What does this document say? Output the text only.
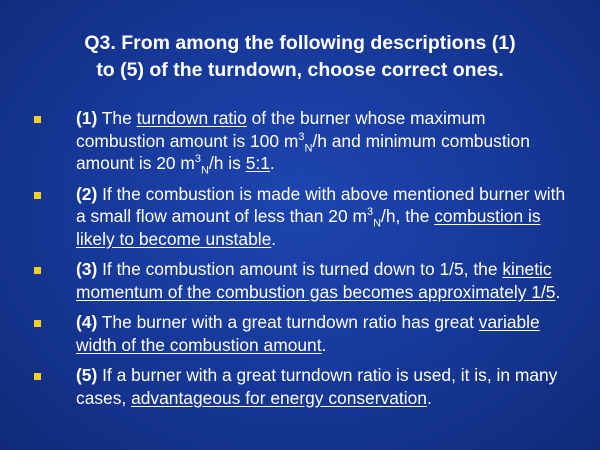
Q3. From among the following descriptions (1)
to (5) of the turndown, choose correct ones.
(1) The turndown ratio of the burner whose maximum combustion amount is 100 $m^3_N/h$ and minimum combustion amount is 20 $m^3_N/h$ is 5:1.
(2) If the combustion is made with above mentioned burner with a small flow amount of less than 20 $m^3_N/h$, the combustion is likely to become unstable.
(3) If the combustion amount is turned down to 1/5, the kinetic momentum of the combustion gas becomes approximately 1/5.
(4) The burner with a great turndown ratio has great variable width of the combustion amount.
(5) If a burner with a great turndown ratio is used, it is, in many cases, advantageous for energy conservation.
